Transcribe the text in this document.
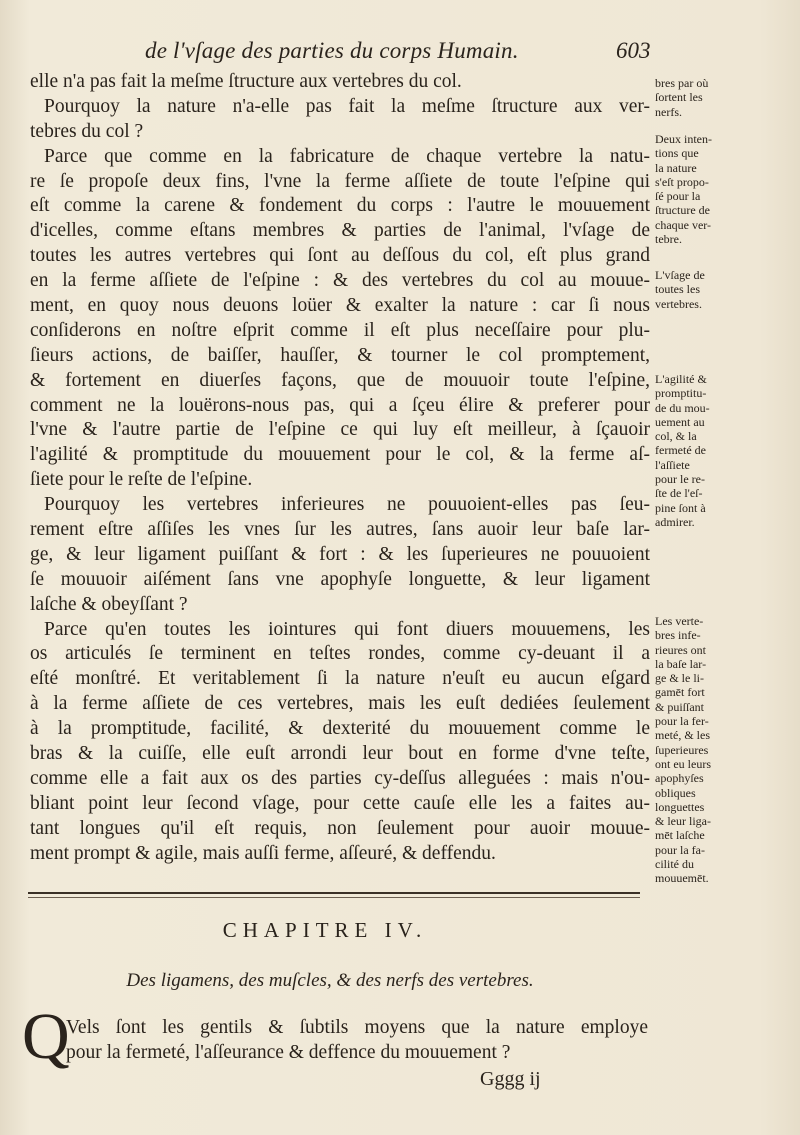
de l'vſage des parties du corps Humain.	603
elle n'a pas fait la meſme ſtructure aux vertebres du col.
Pourquoy la nature n'a-elle pas fait la meſme ſtructure aux ver-
tebres du col ?
Parce que comme en la fabricature de chaque vertebre la natu-
re ſe propoſe deux fins, l'vne la ferme aſſiete de toute l'eſpine qui
eſt comme la carene & fondement du corps : l'autre le mouuement
d'icelles, comme eſtans membres & parties de l'animal, l'vſage de
toutes les autres vertebres qui ſont au deſſous du col, eſt plus grand
en la ferme aſſiete de l'eſpine : & des vertebres du col au mouue-
ment, en quoy nous deuons loüer & exalter la nature : car ſi nous
conſiderons en noſtre eſprit comme il eſt plus neceſſaire pour plu-
ſieurs actions, de baiſſer, hauſſer, & tourner le col promptement,
& fortement en diuerſes façons, que de mouuoir toute l'eſpine,
comment ne la louërons-nous pas, qui a ſçeu élire & preferer pour
l'vne & l'autre partie de l'eſpine ce qui luy eſt meilleur, à ſçauoir
l'agilité & promptitude du mouuement pour le col, & la ferme aſ-
ſiete pour le reſte de l'eſpine.
Pourquoy les vertebres inferieures ne pouuoient-elles pas ſeu-
rement eſtre aſſiſes les vnes ſur les autres, ſans auoir leur baſe lar-
ge, & leur ligament puiſſant & fort : & les ſuperieures ne pouuoient
ſe mouuoir aiſément ſans vne apophyſe longuette, & leur ligament
laſche & obeyſſant ?
Parce qu'en toutes les iointures qui font diuers mouuemens, les
os articulés ſe terminent en teſtes rondes, comme cy-deuant il a
eſté monſtré. Et veritablement ſi la nature n'euſt eu aucun eſgard
à la ferme aſſiete de ces vertebres, mais les euſt dediées ſeulement
à la promptitude, facilité, & dexterité du mouuement comme le
bras & la cuiſſe, elle euſt arrondi leur bout en forme d'vne teſte,
comme elle a fait aux os des parties cy-deſſus alleguées : mais n'ou-
bliant point leur ſecond vſage, pour cette cauſe elle les a faites au-
tant longues qu'il eſt requis, non ſeulement pour auoir mouue-
ment prompt & agile, mais auſſi ferme, aſſeuré, & deffendu.
bres par où
ſortent les
nerfs.
Deux inten-
tions que
la nature
s'eſt propo-
ſé pour la
ſtructure de
chaque ver-
tebre.
L'vſage de
toutes les
vertebres.
L'agilité &
promptitu-
de du mou-
uement au
col, & la
fermeté de
l'aſſiete
pour le re-
ſte de l'eſ-
pine ſont à
admirer.
Les verte-
bres infe-
rieures ont
la baſe lar-
ge & le li-
gamēt fort
& puiſſant
pour la fer-
meté, & les
ſuperieures
ont eu leurs
apophyſes
obliques
longuettes
& leur liga-
mēt laſche
pour la fa-
cilité du
mouuemēt.
CHAPITRE IV.
Des ligamens, des muſcles, & des nerfs des vertebres.
Q
Vels ſont les gentils & ſubtils moyens que la nature employe
pour la fermeté, l'aſſeurance & deffence du mouuement ?
Gggg ij
